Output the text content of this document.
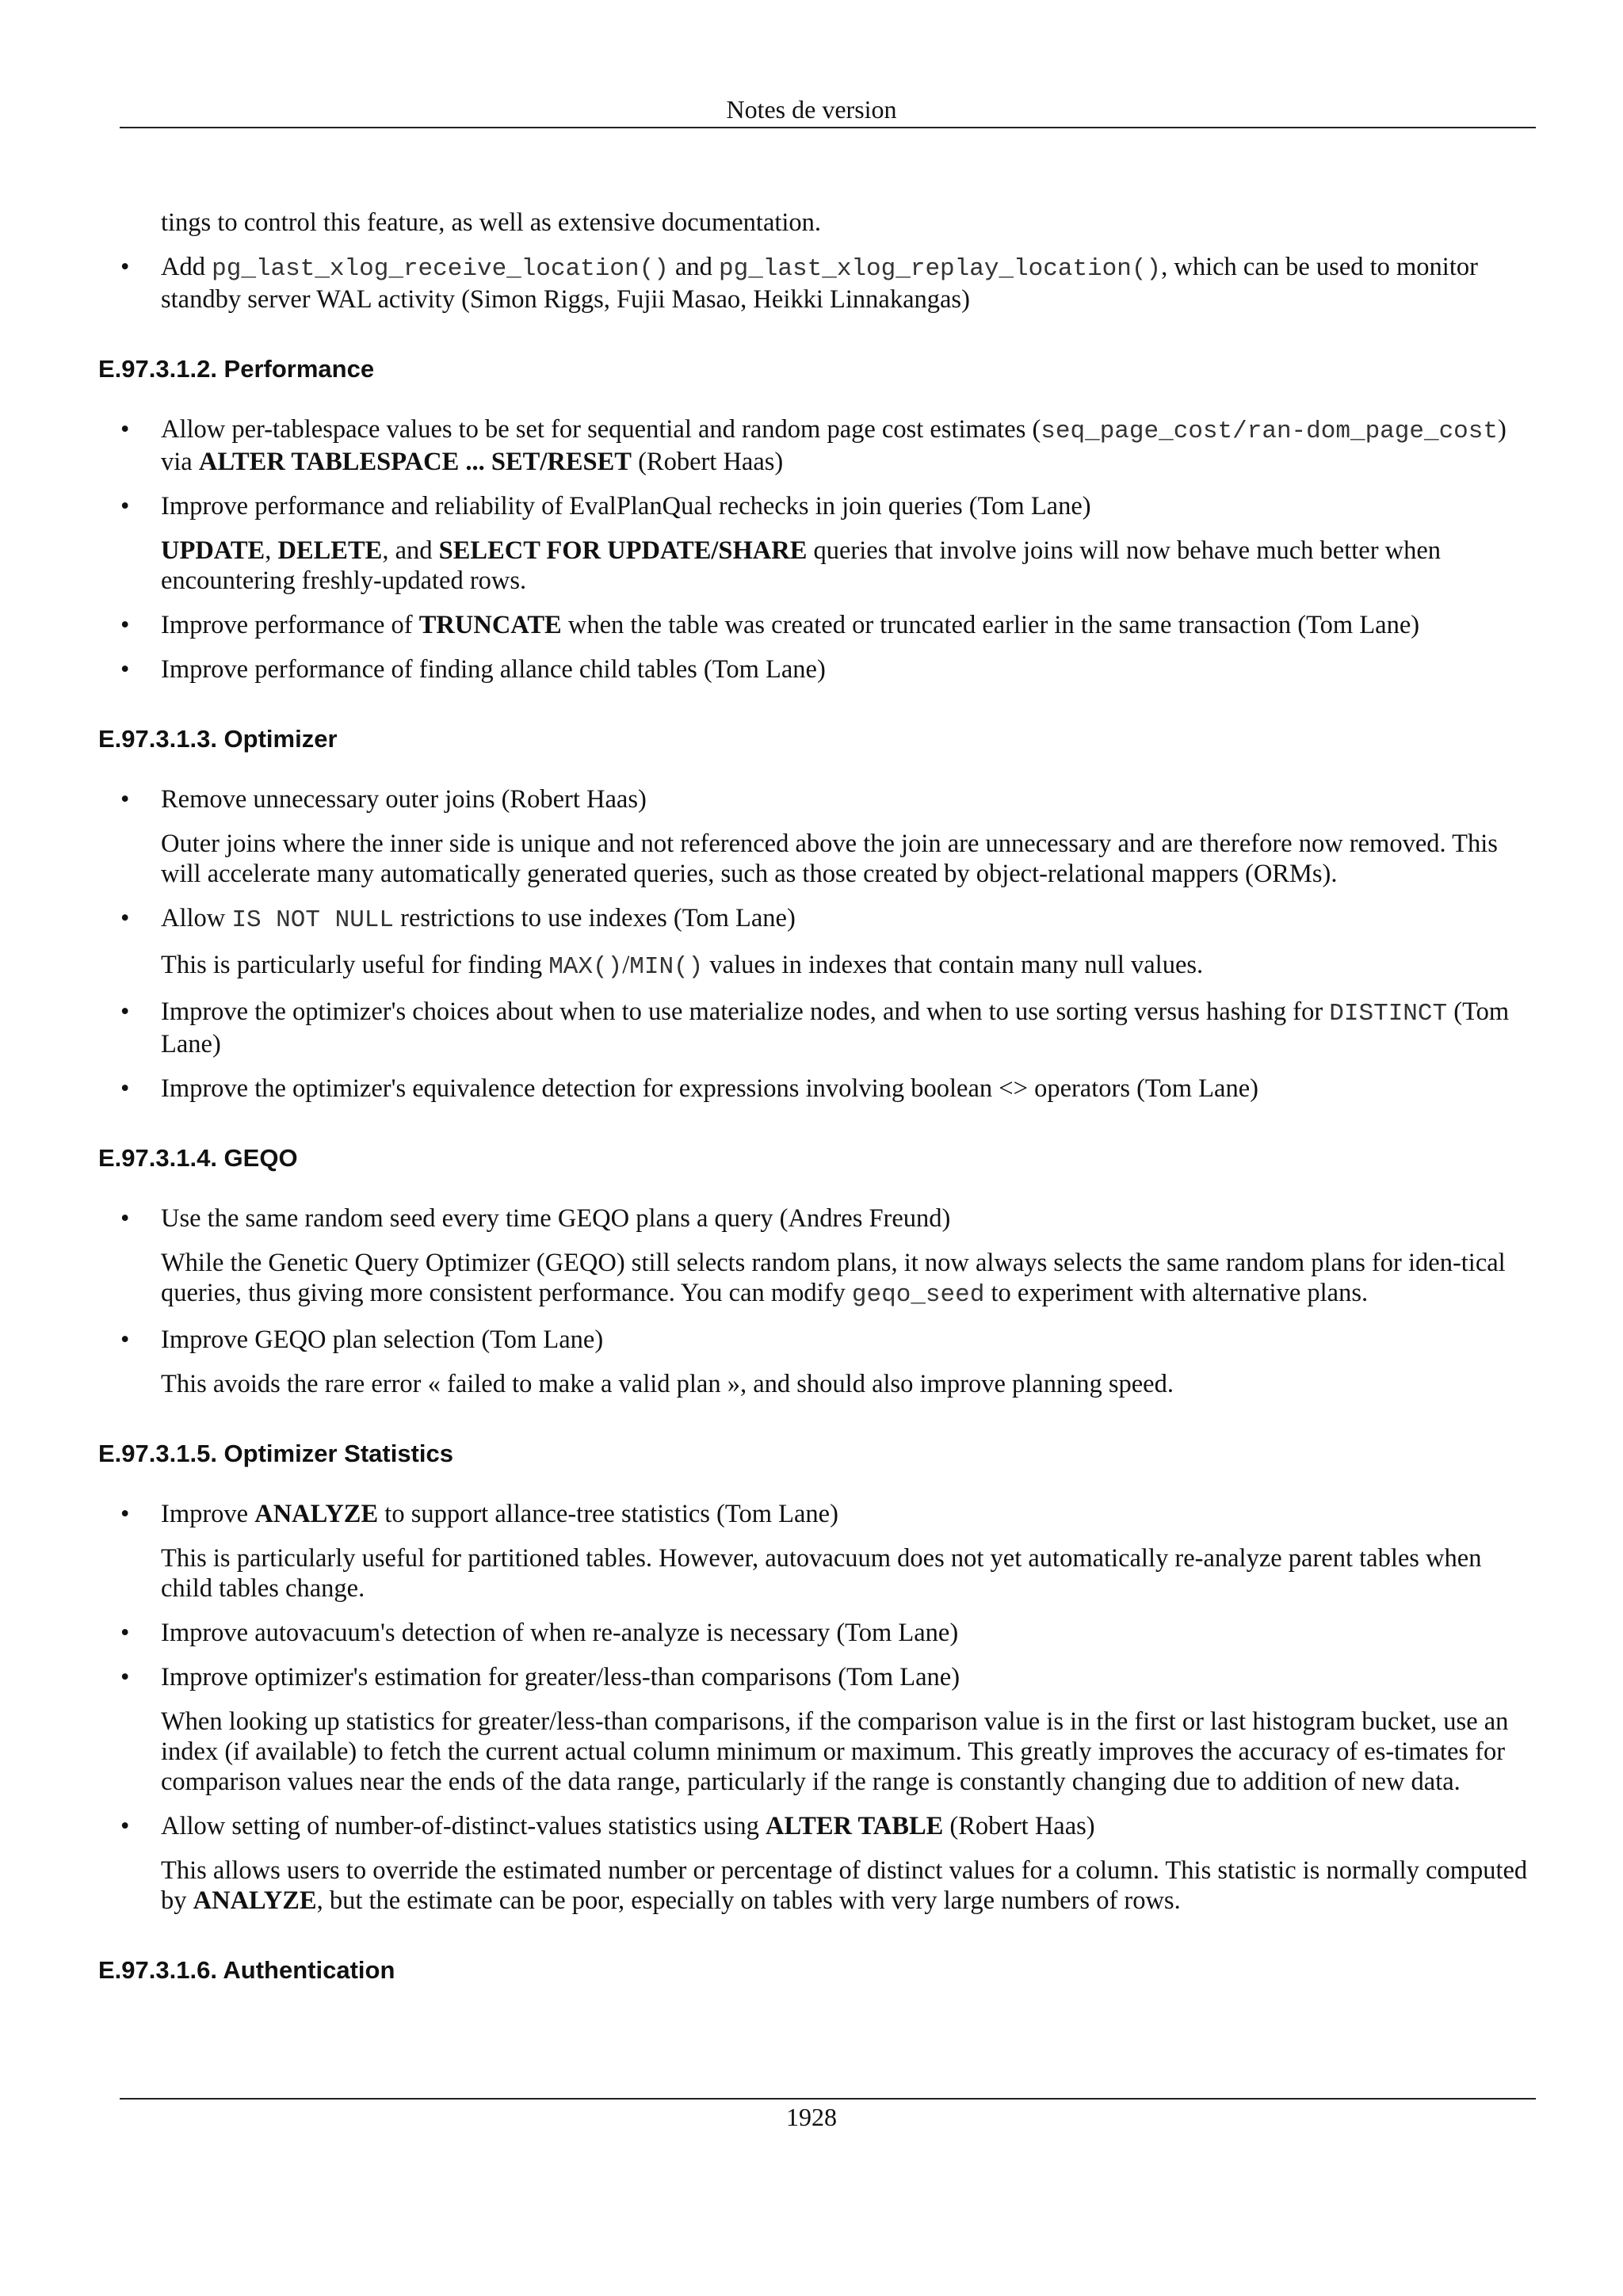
Notes de version

tings to control this feature, as well as extensive documentation.

• Add pg_last_xlog_receive_location() and pg_last_xlog_replay_location(), which can be used to monitor standby server WAL activity (Simon Riggs, Fujii Masao, Heikki Linnakangas)

E.97.3.1.2. Performance

• Allow per-tablespace values to be set for sequential and random page cost estimates (seq_page_cost/ran-dom_page_cost) via ALTER TABLESPACE ... SET/RESET (Robert Haas)

• Improve performance and reliability of EvalPlanQual rechecks in join queries (Tom Lane)

UPDATE, DELETE, and SELECT FOR UPDATE/SHARE queries that involve joins will now behave much better when encountering freshly-updated rows.

• Improve performance of TRUNCATE when the table was created or truncated earlier in the same transaction (Tom Lane)

• Improve performance of finding allance child tables (Tom Lane)

E.97.3.1.3. Optimizer

• Remove unnecessary outer joins (Robert Haas)

Outer joins where the inner side is unique and not referenced above the join are unnecessary and are therefore now removed. This will accelerate many automatically generated queries, such as those created by object-relational mappers (ORMs).

• Allow IS NOT NULL restrictions to use indexes (Tom Lane)

This is particularly useful for finding MAX()/MIN() values in indexes that contain many null values.

• Improve the optimizer's choices about when to use materialize nodes, and when to use sorting versus hashing for DISTINCT (Tom Lane)

• Improve the optimizer's equivalence detection for expressions involving boolean <> operators (Tom Lane)

E.97.3.1.4. GEQO

• Use the same random seed every time GEQO plans a query (Andres Freund)

While the Genetic Query Optimizer (GEQO) still selects random plans, it now always selects the same random plans for iden-tical queries, thus giving more consistent performance. You can modify geqo_seed to experiment with alternative plans.

• Improve GEQO plan selection (Tom Lane)

This avoids the rare error « failed to make a valid plan », and should also improve planning speed.

E.97.3.1.5. Optimizer Statistics

• Improve ANALYZE to support allance-tree statistics (Tom Lane)

This is particularly useful for partitioned tables. However, autovacuum does not yet automatically re-analyze parent tables when child tables change.

• Improve autovacuum's detection of when re-analyze is necessary (Tom Lane)

• Improve optimizer's estimation for greater/less-than comparisons (Tom Lane)

When looking up statistics for greater/less-than comparisons, if the comparison value is in the first or last histogram bucket, use an index (if available) to fetch the current actual column minimum or maximum. This greatly improves the accuracy of es-timates for comparison values near the ends of the data range, particularly if the range is constantly changing due to addition of new data.

• Allow setting of number-of-distinct-values statistics using ALTER TABLE (Robert Haas)

This allows users to override the estimated number or percentage of distinct values for a column. This statistic is normally computed by ANALYZE, but the estimate can be poor, especially on tables with very large numbers of rows.

E.97.3.1.6. Authentication
1928
